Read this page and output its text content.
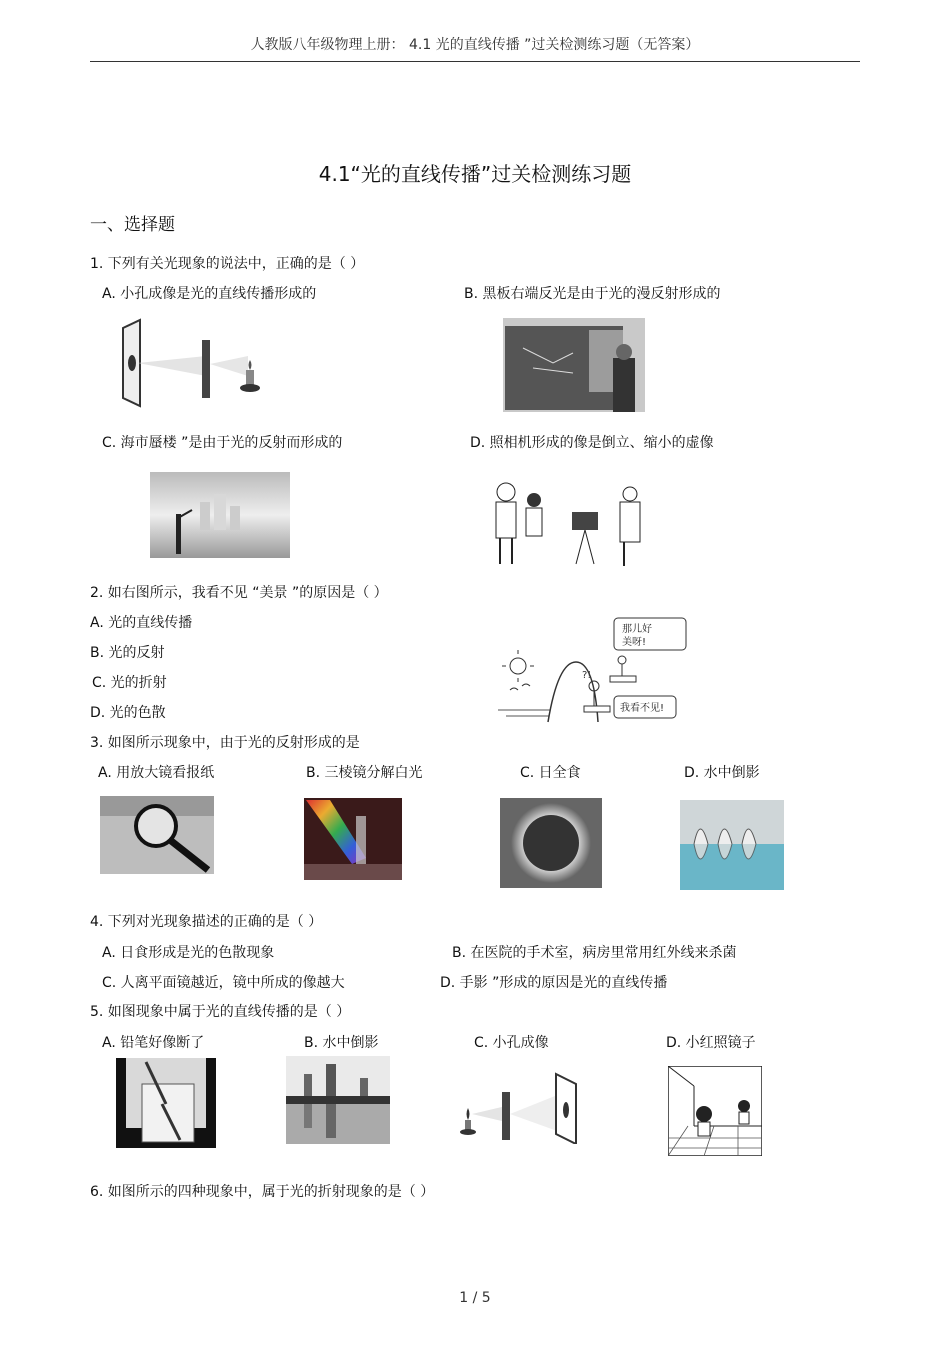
人教版八年级物理上册： 4.1 光的直线传播 ”过关检测练习题（无答案）
4.1“光的直线传播”过关检测练习题
一、选择题
1. 下列有关光现象的说法中，正确的是（ ）
A. 小孔成像是光的直线传播形成的	B. 黑板右端反光是由于光的漫反射形成的
C. 海市蜃楼 ”是由于光的反射而形成的	D. 照相机形成的像是倒立、缩小的虚像
2. 如右图所示，我看不见 “美景 ”的原因是（ ）
A. 光的直线传播
B. 光的反射
C. 光的折射
D. 光的色散
那儿好
美呀!
?!
我看不见!
3. 如图所示现象中，由于光的反射形成的是
A. 用放大镜看报纸	B. 三棱镜分解白光	C. 日全食	D. 水中倒影
4. 下列对光现象描述的正确的是（ ）
A. 日食形成是光的色散现象	B. 在医院的手术室，病房里常用红外线来杀菌
C. 人离平面镜越近，镜中所成的像越大	D. 手影 ”形成的原因是光的直线传播
5. 如图现象中属于光的直线传播的是（ ）
A. 铅笔好像断了	B. 水中倒影	C. 小孔成像	D. 小红照镜子
6. 如图所示的四种现象中，属于光的折射现象的是（ ）
1 / 5
